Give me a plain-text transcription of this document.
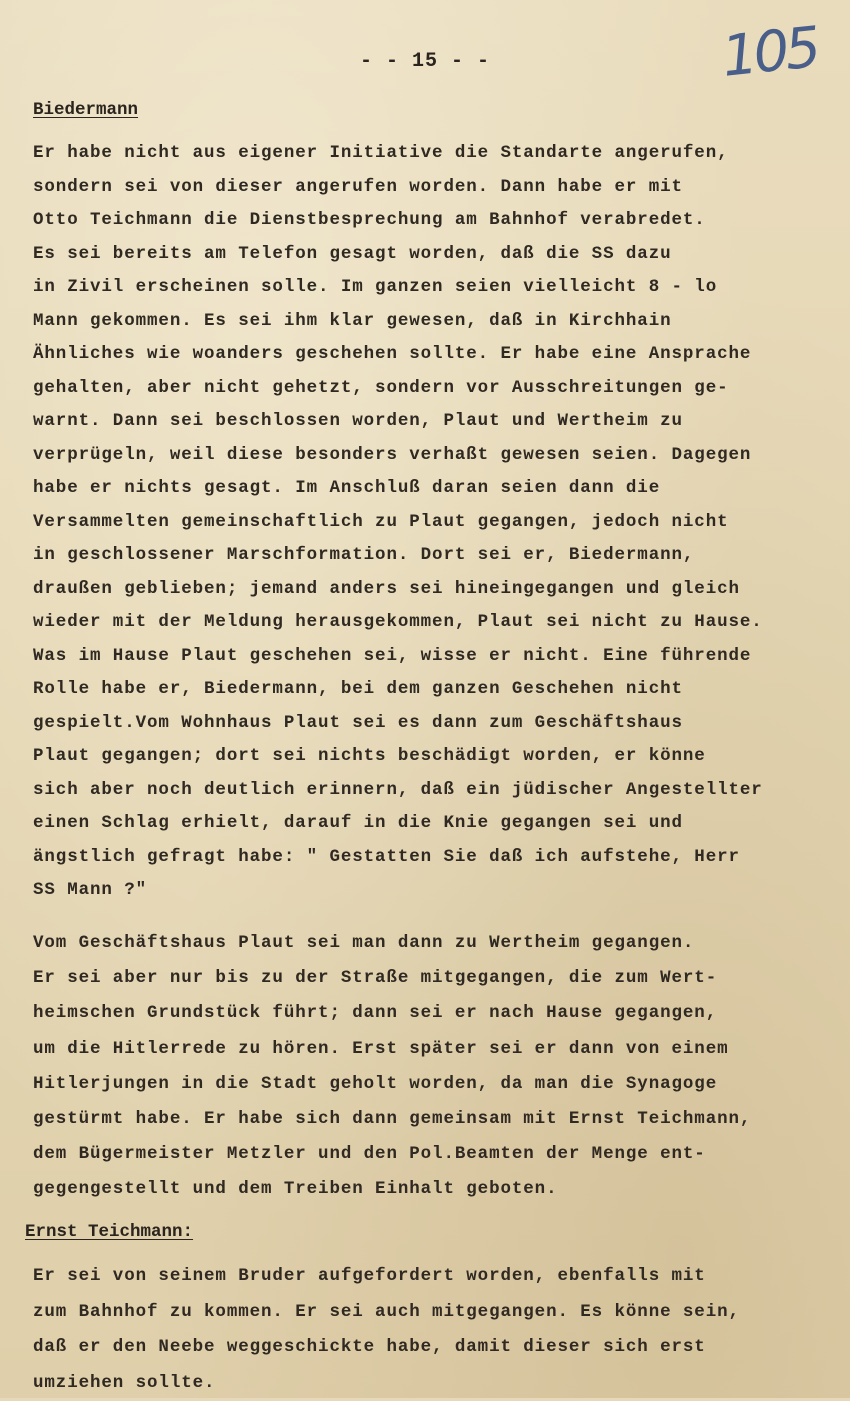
- - 15 - -	105
Biedermann
Er habe nicht aus eigener Initiative die Standarte angerufen,
sondern sei von dieser angerufen worden. Dann habe er mit
Otto Teichmann die Dienstbesprechung am Bahnhof verabredet.
Es sei bereits am Telefon gesagt worden, daß die SS dazu
in Zivil erscheinen solle. Im ganzen seien vielleicht 8 - lo
Mann gekommen. Es sei ihm klar gewesen, daß in Kirchhain
Ähnliches wie woanders geschehen sollte. Er habe eine Ansprache
gehalten, aber nicht gehetzt, sondern vor Ausschreitungen ge-
warnt. Dann sei beschlossen worden, Plaut und Wertheim zu
verprügeln, weil diese besonders verhaßt gewesen seien. Dagegen
habe er nichts gesagt. Im Anschluß daran seien dann die
Versammelten gemeinschaftlich zu Plaut gegangen, jedoch nicht
in geschlossener Marschformation. Dort sei er, Biedermann,
draußen geblieben; jemand anders sei hineingegangen und gleich
wieder mit der Meldung herausgekommen, Plaut sei nicht zu Hause.
Was im Hause Plaut geschehen sei, wisse er nicht. Eine führende
Rolle habe er, Biedermann, bei dem ganzen Geschehen nicht
gespielt.Vom Wohnhaus Plaut sei es dann zum Geschäftshaus
Plaut gegangen; dort sei nichts beschädigt worden, er könne
sich aber noch deutlich erinnern, daß ein jüdischer Angestellter
einen Schlag erhielt, darauf in die Knie gegangen sei und
ängstlich gefragt habe: " Gestatten Sie daß ich aufstehe, Herr
SS Mann ?"
Vom Geschäftshaus Plaut sei man dann zu Wertheim gegangen.
Er sei aber nur bis zu der Straße mitgegangen, die zum Wert-
heimschen Grundstück führt; dann sei er nach Hause gegangen,
um die Hitlerrede zu hören. Erst später sei er dann von einem
Hitlerjungen in die Stadt geholt worden, da man die Synagoge
gestürmt habe. Er habe sich dann gemeinsam mit Ernst Teichmann,
dem Bügermeister Metzler und den Pol.Beamten der Menge ent-
gegengestellt und dem Treiben Einhalt geboten.
Ernst Teichmann:
Er sei von seinem Bruder aufgefordert worden, ebenfalls mit
zum Bahnhof zu kommen. Er sei auch mitgegangen. Es könne sein,
daß er den Neebe weggeschickte habe, damit dieser sich erst
umziehen sollte.
